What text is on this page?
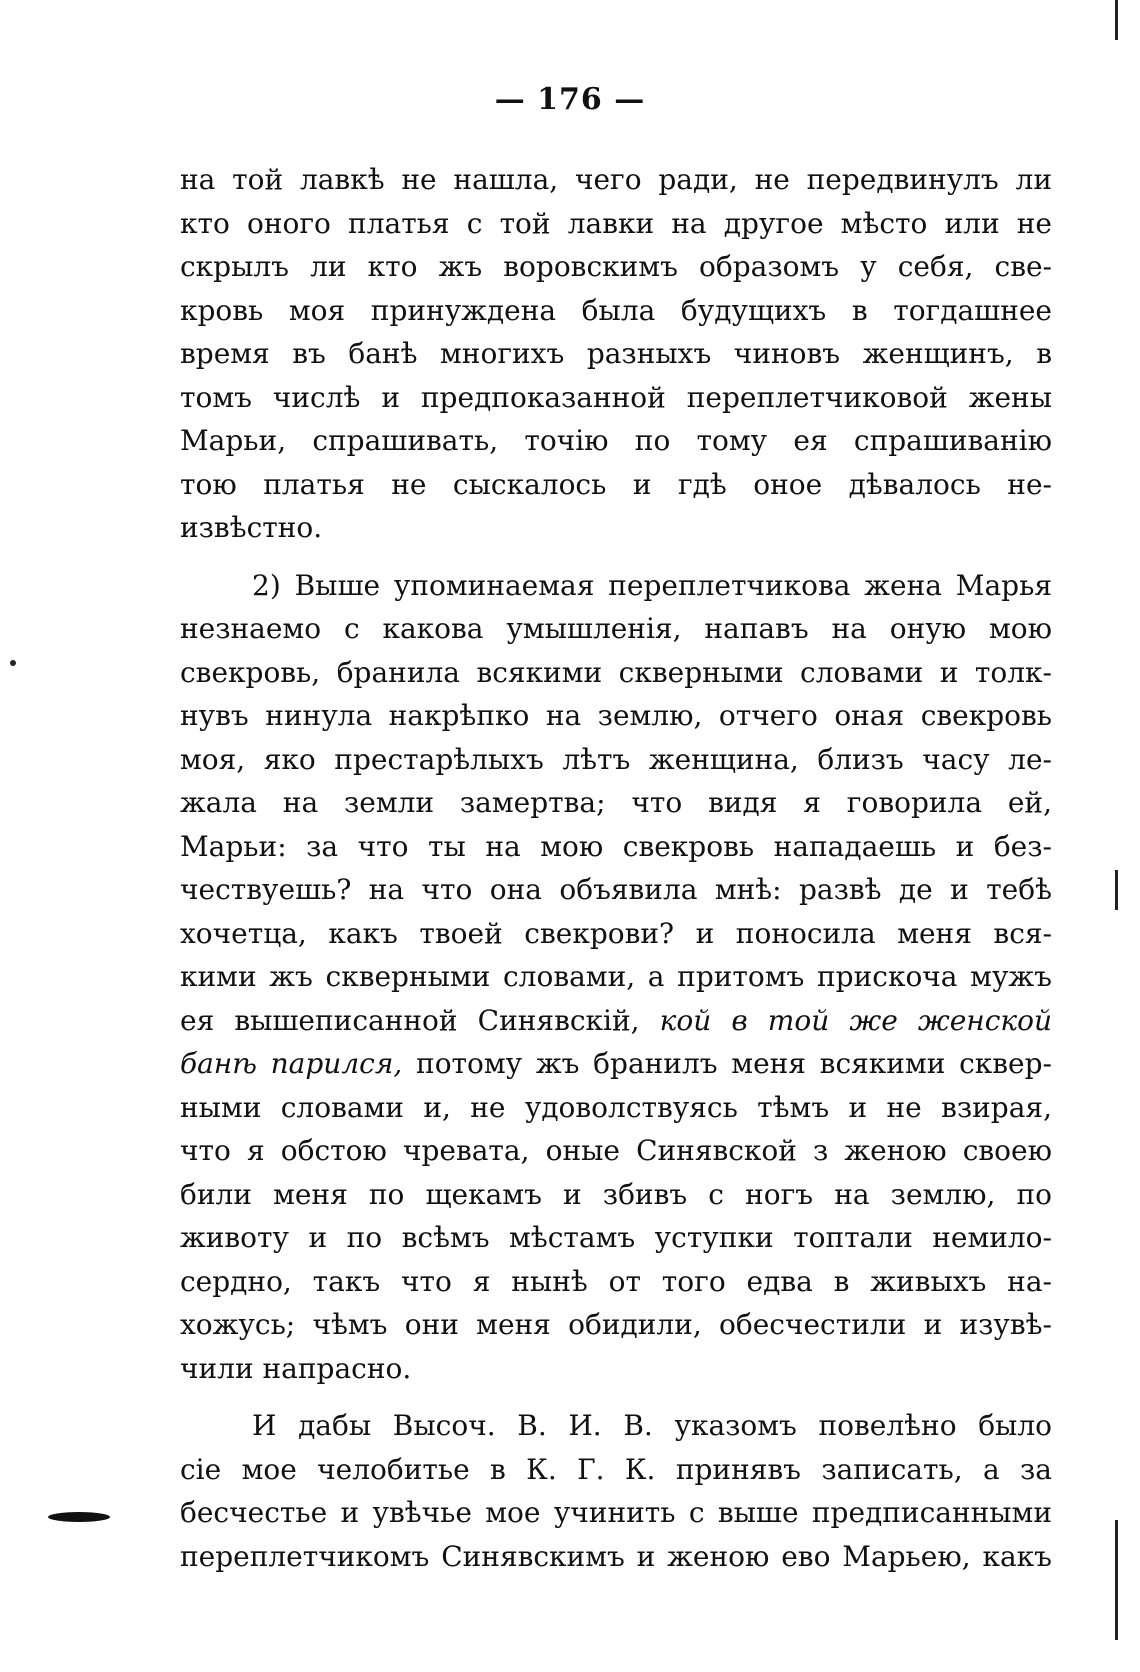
— 176 —

на той лавкѣ не нашла, чего ради, не передвинулъ ли
кто оного платья с той лавки на другое мѣсто или не
скрылъ ли кто жъ воровскимъ образомъ у себя, све-
кровь моя принуждена была будущихъ в тогдашнее
время въ банѣ многихъ разныхъ чиновъ женщинъ, в
томъ числѣ и предпоказанной переплетчиковой жены
Марьи, спрашивать, точію по тому ея спрашиванію
тою платья не сыскалось и гдѣ оное дѣвалось не-
извѣстно.

2) Выше упоминаемая переплетчикова жена Марья
незнаемо с какова умышленія, напавъ на оную мою
свекровь, бранила всякими скверными словами и толк-
нувъ нинула накрѣпко на землю, отчего оная свекровь
моя, яко престарѣлыхъ лѣтъ женщина, близъ часу ле-
жала на земли замертва; что видя я говорила ей,
Марьи: за что ты на мою свекровь нападаешь и без-
чествуешь? на что она объявила мнѣ: развѣ де и тебѣ
хочетца, какъ твоей свекрови? и поносила меня вся-
кими жъ скверными словами, а притомъ прискоча мужъ
ея вышеписанной Синявскій, кой в той же женской
банѣ парился, потому жъ бранилъ меня всякими сквер-
ными словами и, не удоволствуясь тѣмъ и не взирая,
что я обстою чревата, оные Синявской з женою своею
били меня по щекамъ и збивъ с ногъ на землю, по
животу и по всѣмъ мѣстамъ уступки топтали немило-
сердно, такъ что я нынѣ от того едва в живыхъ на-
хожусь; чѣмъ они меня обидили, обесчестили и изувѣ-
чили напрасно.

И дабы Высоч. В. И. В. указомъ повелѣно было
сіе мое челобитье в К. Г. К. принявъ записать, а за
бесчестье и увѣчье мое учинить с выше предписанными
переплетчикомъ Синявскимъ и женою ево Марьею, какъ
